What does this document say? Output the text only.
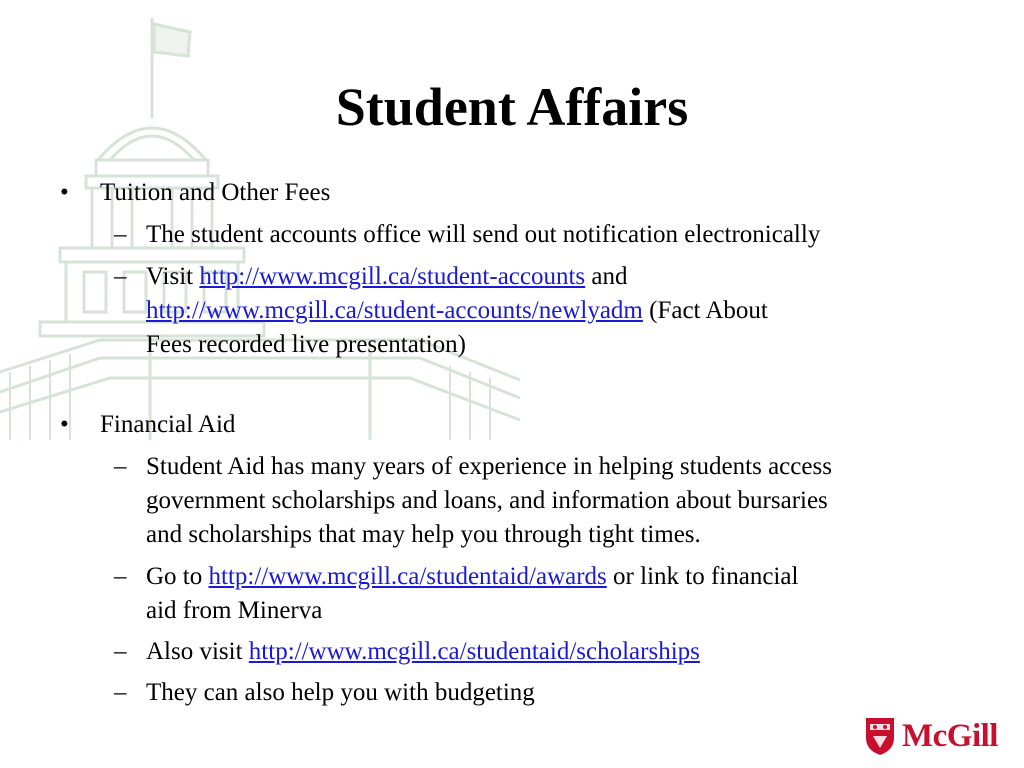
Student Affairs
• Tuition and Other Fees
– The student accounts office will send out notification electronically
– Visit http://www.mcgill.ca/student-accounts and
http://www.mcgill.ca/student-accounts/newlyadm (Fact About
Fees recorded live presentation)
• Financial Aid
– Student Aid has many years of experience in helping students access
government scholarships and loans, and information about bursaries
and scholarships that may help you through tight times.
– Go to http://www.mcgill.ca/studentaid/awards or link to financial
aid from Minerva
– Also visit http://www.mcgill.ca/studentaid/scholarships
– They can also help you with budgeting
McGill
